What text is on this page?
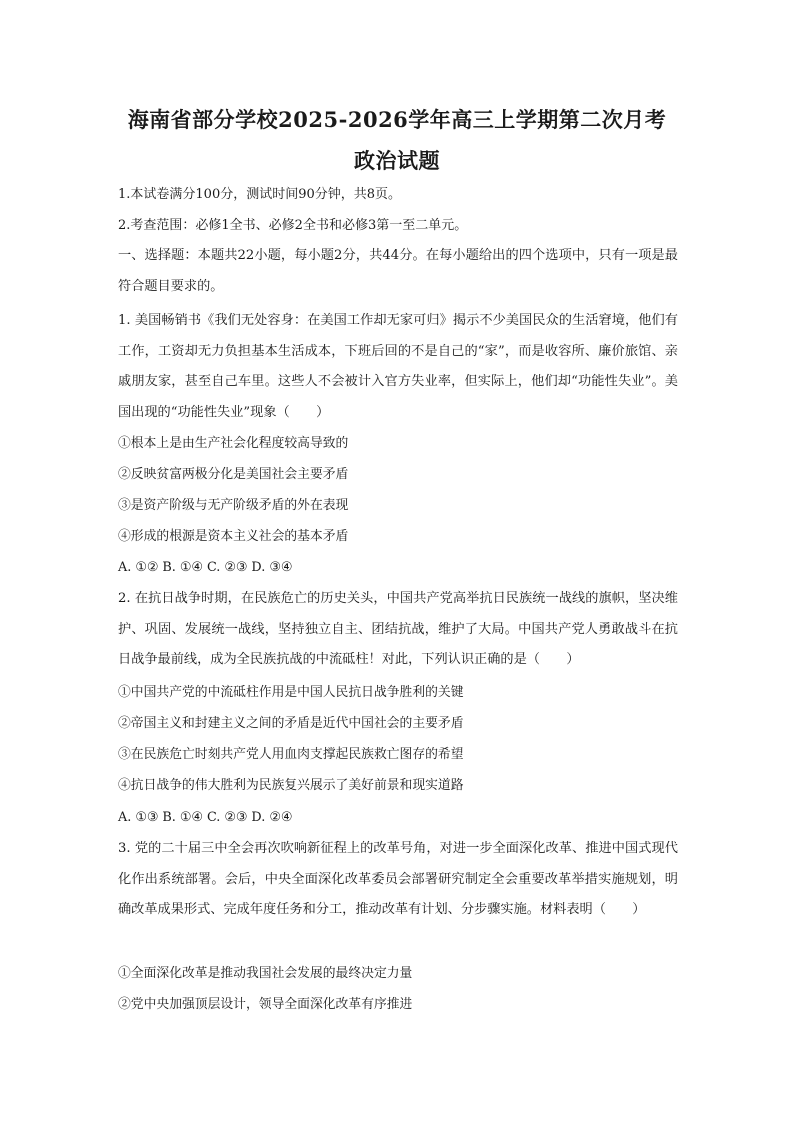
海南省部分学校2025-2026学年高三上学期第二次月考
政治试题

1.本试卷满分100分，测试时间90分钟，共8页。

2.考查范围：必修1全书、必修2全书和必修3第一至二单元。

一、选择题：本题共22小题，每小题2分，共44分。在每小题给出的四个选项中，只有一项是最符合题目要求的。

1. 美国畅销书《我们无处容身：在美国工作却无家可归》揭示不少美国民众的生活窘境，他们有工作，工资却无力负担基本生活成本，下班后回的不是自己的“家”，而是收容所、廉价旅馆、亲戚朋友家，甚至自己车里。这些人不会被计入官方失业率，但实际上，他们却“功能性失业”。美国出现的“功能性失业”现象（　　）

①根本上是由生产社会化程度较高导致的

②反映贫富两极分化是美国社会主要矛盾

③是资产阶级与无产阶级矛盾的外在表现

④形成的根源是资本主义社会的基本矛盾

A. ①② B. ①④ C. ②③ D. ③④

2. 在抗日战争时期，在民族危亡的历史关头，中国共产党高举抗日民族统一战线的旗帜，坚决维护、巩固、发展统一战线，坚持独立自主、团结抗战，维护了大局。中国共产党人勇敢战斗在抗日战争最前线，成为全民族抗战的中流砥柱！对此，下列认识正确的是（　　）

①中国共产党的中流砥柱作用是中国人民抗日战争胜利的关键

②帝国主义和封建主义之间的矛盾是近代中国社会的主要矛盾

③在民族危亡时刻共产党人用血肉支撑起民族救亡图存的希望

④抗日战争的伟大胜利为民族复兴展示了美好前景和现实道路

A. ①③ B. ①④ C. ②③ D. ②④

3. 党的二十届三中全会再次吹响新征程上的改革号角，对进一步全面深化改革、推进中国式现代化作出系统部署。会后，中央全面深化改革委员会部署研究制定全会重要改革举措实施规划，明确改革成果形式、完成年度任务和分工，推动改革有计划、分步骤实施。材料表明（　　）

①全面深化改革是推动我国社会发展的最终决定力量

②党中央加强顶层设计，领导全面深化改革有序推进
